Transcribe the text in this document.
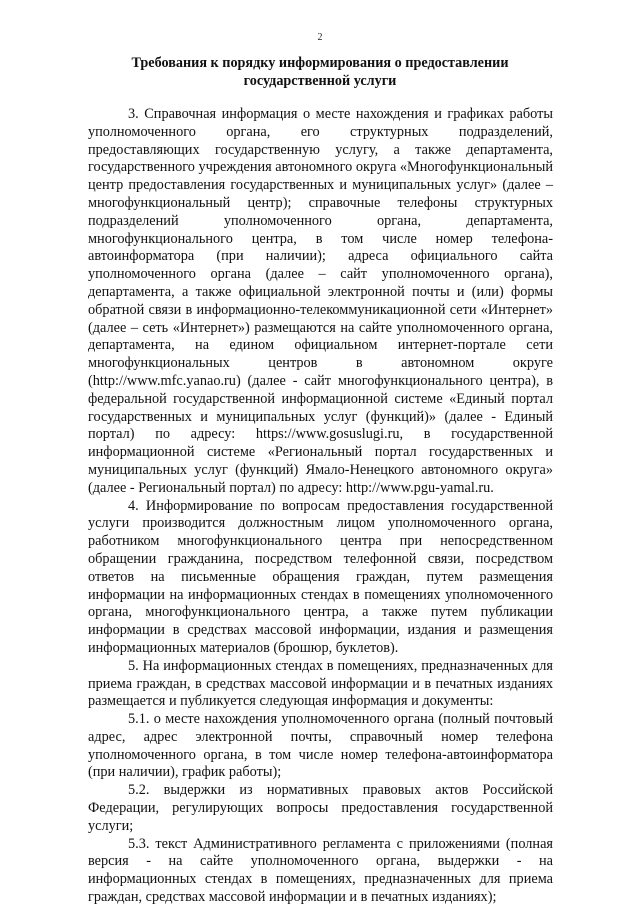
2
Требования к порядку информирования о предоставлении
государственной услуги

3. Справочная информация о месте нахождения и графиках работы уполномоченного органа, его структурных подразделений, предоставляющих государственную услугу, а также департамента, государственного учреждения автономного округа «Многофункциональный центр предоставления государственных и муниципальных услуг» (далее – многофункциональный центр); справочные телефоны структурных подразделений уполномоченного органа, департамента, многофункционального центра, в том числе номер телефона-автоинформатора (при наличии); адреса официального сайта уполномоченного органа (далее – сайт уполномоченного органа), департамента, а также официальной электронной почты и (или) формы обратной связи в информационно-телекоммуникационной сети «Интернет» (далее – сеть «Интернет») размещаются на сайте уполномоченного органа, департамента, на едином официальном интернет-портале сети многофункциональных центров в автономном округе (http://www.mfc.yanao.ru) (далее - сайт многофункционального центра), в федеральной государственной информационной системе «Единый портал государственных и муниципальных услуг (функций)» (далее - Единый портал) по адресу: https://www.gosuslugi.ru, в государственной информационной системе «Региональный портал государственных и муниципальных услуг (функций) Ямало-Ненецкого автономного округа» (далее - Региональный портал) по адресу: http://www.pgu-yamal.ru.

4. Информирование по вопросам предоставления государственной услуги производится должностным лицом уполномоченного органа, работником многофункционального центра при непосредственном обращении гражданина, посредством телефонной связи, посредством ответов на письменные обращения граждан, путем размещения информации на информационных стендах в помещениях уполномоченного органа, многофункционального центра, а также путем публикации информации в средствах массовой информации, издания и размещения информационных материалов (брошюр, буклетов).

5. На информационных стендах в помещениях, предназначенных для приема граждан, в средствах массовой информации и в печатных изданиях размещается и публикуется следующая информация и документы:

5.1. о месте нахождения уполномоченного органа (полный почтовый адрес, адрес электронной почты, справочный номер телефона уполномоченного органа, в том числе номер телефона-автоинформатора (при наличии), график работы);

5.2. выдержки из нормативных правовых актов Российской Федерации, регулирующих вопросы предоставления государственной услуги;

5.3. текст Административного регламента с приложениями (полная версия - на сайте уполномоченного органа, выдержки - на информационных стендах в помещениях, предназначенных для приема граждан, средствах массовой информации и в печатных изданиях);
